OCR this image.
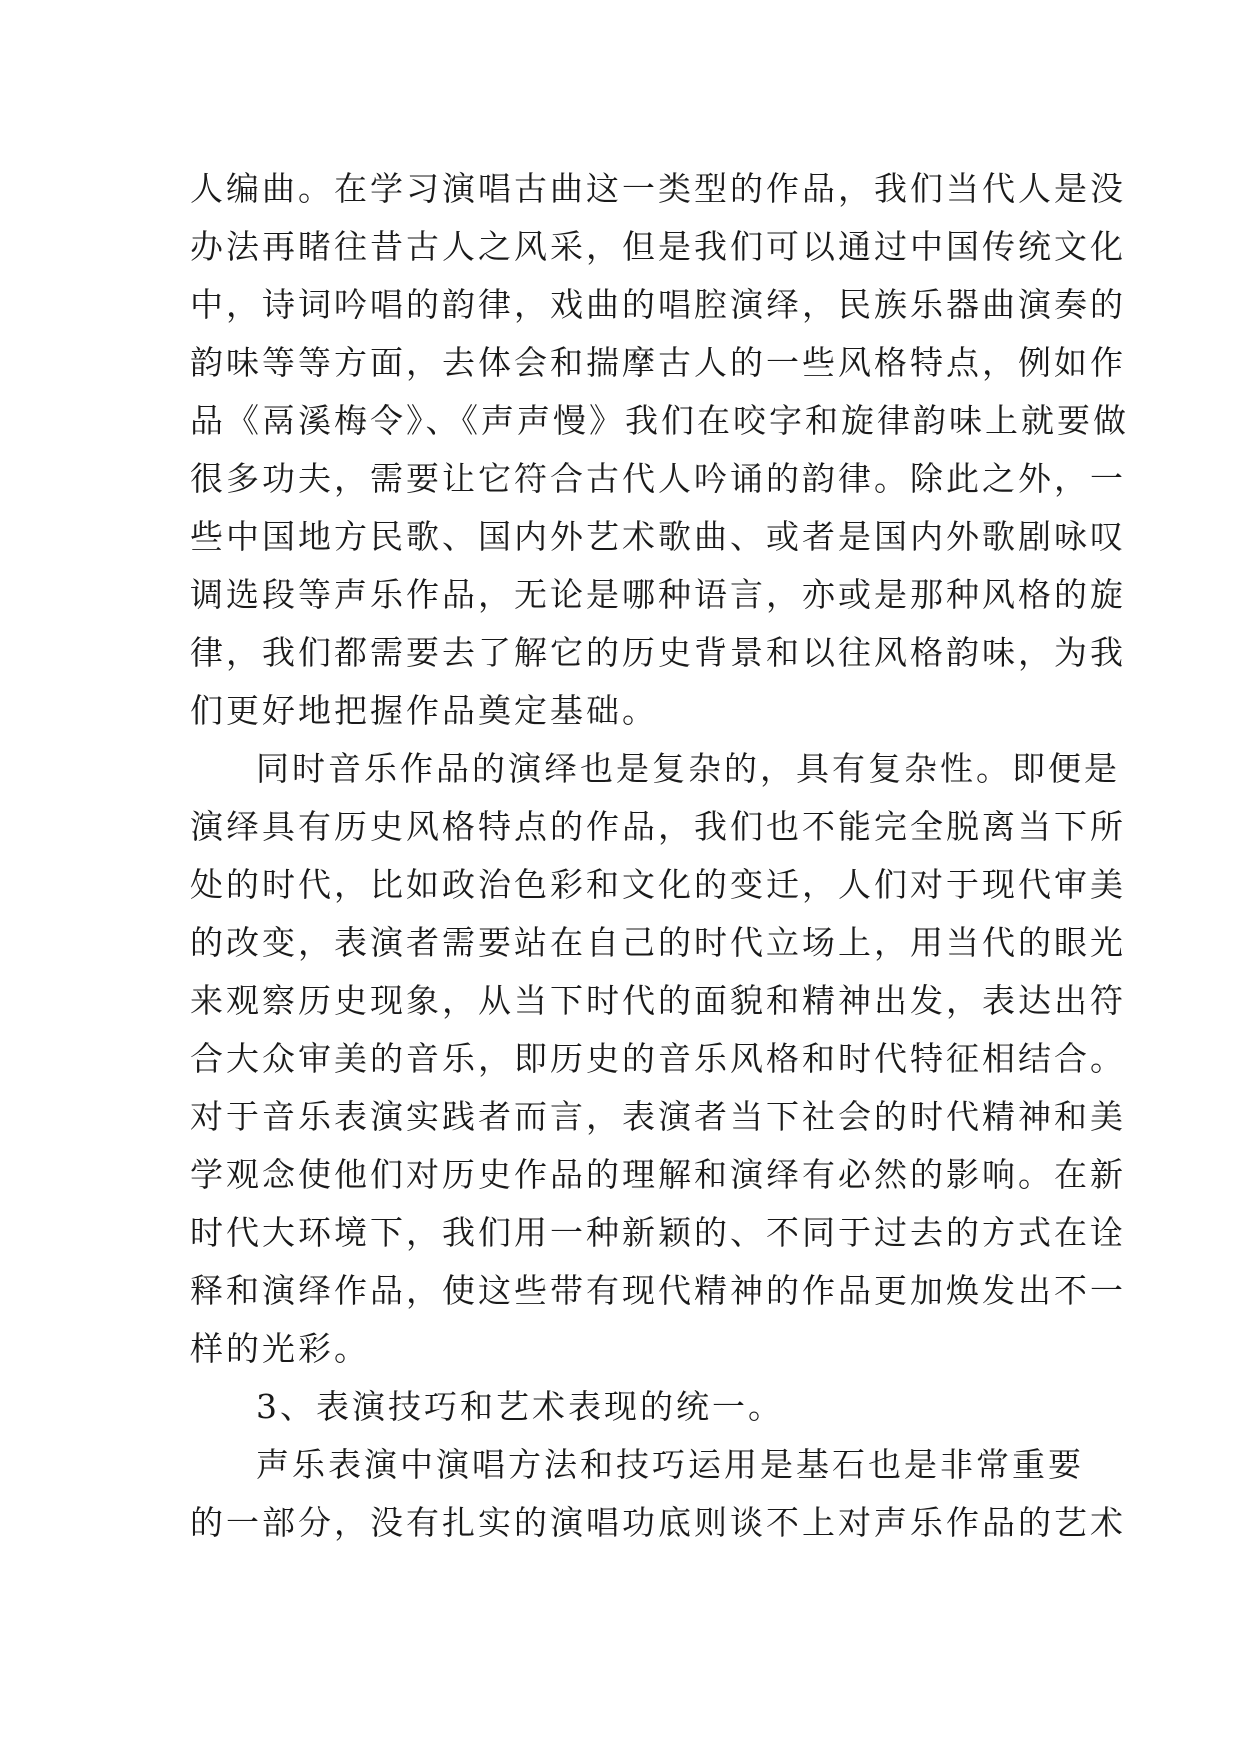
人编曲。在学习演唱古曲这一类型的作品，我们当代人是没
办法再睹往昔古人之风采，但是我们可以通过中国传统文化
中，诗词吟唱的韵律，戏曲的唱腔演绎，民族乐器曲演奏的
韵味等等方面，去体会和揣摩古人的一些风格特点，例如作
品《鬲溪梅令》、《声声慢》我们在咬字和旋律韵味上就要做
很多功夫，需要让它符合古代人吟诵的韵律。除此之外，一
些中国地方民歌、国内外艺术歌曲、或者是国内外歌剧咏叹
调选段等声乐作品，无论是哪种语言，亦或是那种风格的旋
律，我们都需要去了解它的历史背景和以往风格韵味，为我
们更好地把握作品奠定基础。
同时音乐作品的演绎也是复杂的，具有复杂性。即便是
演绎具有历史风格特点的作品，我们也不能完全脱离当下所
处的时代，比如政治色彩和文化的变迁，人们对于现代审美
的改变，表演者需要站在自己的时代立场上，用当代的眼光
来观察历史现象，从当下时代的面貌和精神出发，表达出符
合大众审美的音乐，即历史的音乐风格和时代特征相结合。
对于音乐表演实践者而言，表演者当下社会的时代精神和美
学观念使他们对历史作品的理解和演绎有必然的影响。在新
时代大环境下，我们用一种新颖的、不同于过去的方式在诠
释和演绎作品，使这些带有现代精神的作品更加焕发出不一
样的光彩。
3、表演技巧和艺术表现的统一。
声乐表演中演唱方法和技巧运用是基石也是非常重要
的一部分，没有扎实的演唱功底则谈不上对声乐作品的艺术
